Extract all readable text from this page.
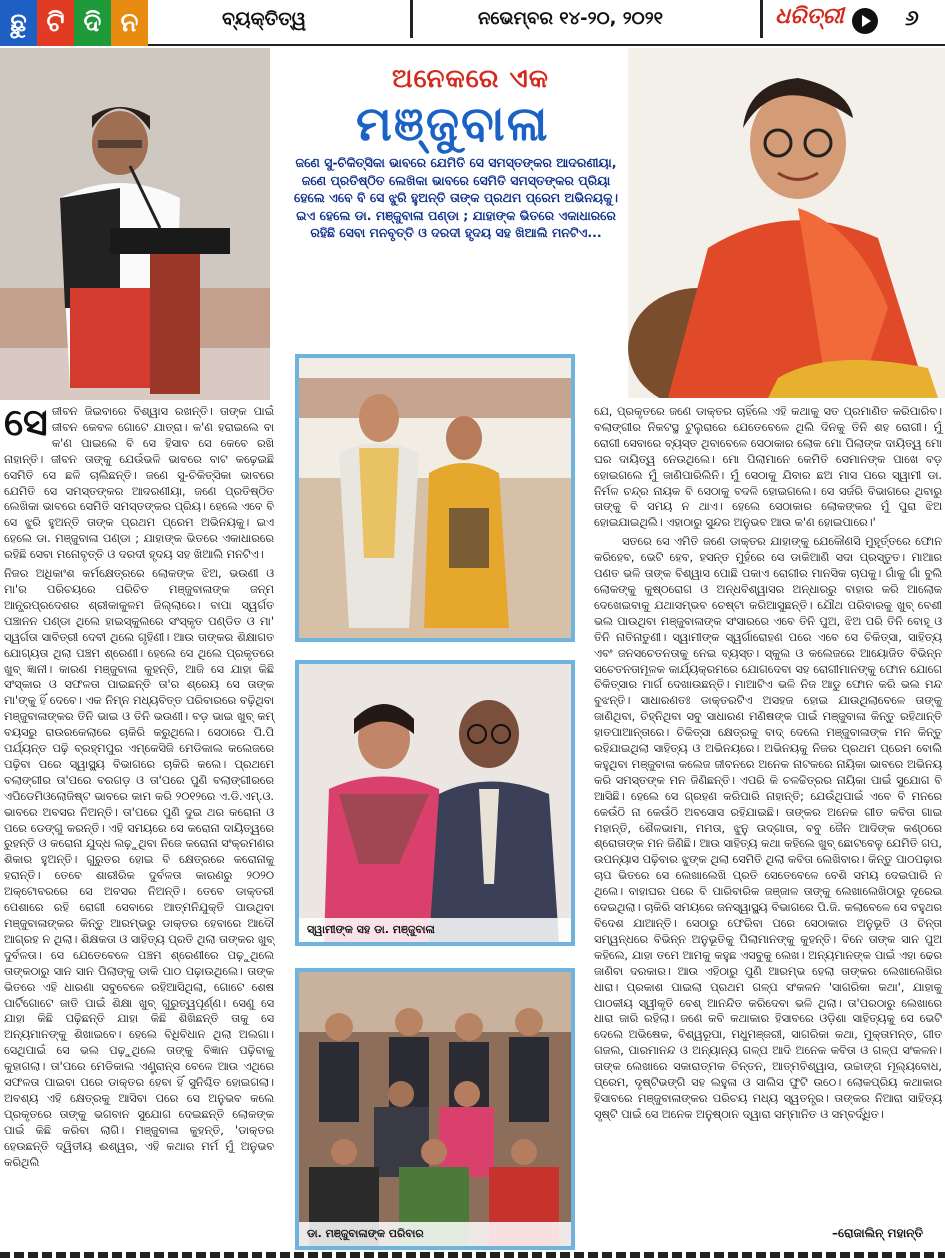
ଛୁ ଟି ଦି ନ	ବ୍ୟକ୍ତିତ୍ୱ	ନଭେମ୍ବର ୧୪-୨୦, ୨୦୨୧	ଧରିତ୍ରୀ	୬
ଅନେକରେ ଏକ
ମଞ୍ଜୁବାଳା
ଜଣେ ସୁ-ଚିକିତ୍ସିକା ଭାବରେ ଯେମିତି ସେ ସମସ୍ତଙ୍କର ଆଦରଣୀୟା, ଜଣେ ପ୍ରତିଷ୍ଠିତ ଲେଖିକା ଭାବରେ ସେମିତି ସମସ୍ତଙ୍କର ପ୍ରିୟା ହେଲେ ଏବେ ବି ସେ ଝୁରି ହୁଅନ୍ତି ତାଙ୍କ ପ୍ରଥମ ପ୍ରେମ ଅଭିନୟକୁ। ଇଏ ହେଲେ ଡା. ମଞ୍ଜୁବାଳା ପଣ୍ଡା ; ଯାହାଙ୍କ ଭିତରେ ଏକାଧାରରେ ରହିଛି ସେବା ମନବୃତ୍ତି ଓ ଦରଦୀ ହୃଦୟ ସହ ଖିଆଲି ମନଟିଏ...

ସେଜୀବନ ଜିଇବାରେ ବିଶ୍ୱାସ ରଖନ୍ତି। ତାଙ୍କ ପାଇଁ ଜୀବନ କେବଳ ଗୋଟେ ଯାତ୍ରା। କ'ଣ ହରାଇଲେ ବା କ'ଣ ପାଇଲେ ବି ସେ ହିସାବ ସେ କେବେ ରଖି ନାହାନ୍ତି। ଜୀବନ ତାଙ୍କୁ ଯେଉଁଭଳି ଭାବରେ ବାଟ କଢ଼େଇଛି ସେମିତି ସେ ଛଳି ଚାଲିଛନ୍ତି। ଜଣେ ସୁ-ଚିକିତ୍ସିକା ଭାବରେ ଯେମିତି ସେ ସମସ୍ତଙ୍କର ଆଦରଣୀୟା, ଜଣେ ପ୍ରତିଷ୍ଠିତ ଲେଖିକା ଭାବରେ ସେମିତି ସମସ୍ତଙ୍କର ପ୍ରିୟ। ହେଲେ ଏବେ ବି ସେ ଝୁରି ହୁଅନ୍ତି ତାଙ୍କ ପ୍ରଥମ ପ୍ରେମ ଅଭିନୟକୁ। ଇଏ ହେଲେ ଡା. ମଞ୍ଜୁବାଳା ପଣ୍ଡା ; ଯାହାଙ୍କ ଭିତରେ ଏକାଧାରରେ ରହିଛି ସେବା ମନୋବୃତ୍ତି ଓ ଦରଦୀ ହୃଦୟ ସହ ଖିଆଲି ମନଟିଏ।

ନିଜର ଅଧିକାଂଶ କର୍ମକ୍ଷେତ୍ରରେ ଲୋକଙ୍କ ଝିଅ, ଭଉଣୀ ଓ ମା'ର ପରିଚୟରେ ପରିଚିତ ମଞ୍ଜୁବାଳାଙ୍କ ଜନ୍ମ ଆନ୍ଧ୍ରପ୍ରଦେଶର ଶ୍ରୀକାକୁଳମ ଜିଲ୍ଲାରେ। ବାପା ସ୍ୱର୍ଗତ ପଞ୍ଚାନନ ପଣ୍ଡା ଥିଲେ ହାଇସ୍କୁଲରେ ସଂସ୍କୃତ ପଣ୍ଡିତ ଓ ମା' ସ୍ୱର୍ଗତା ସାବିତ୍ରୀ ଦେବୀ ଥିଲେ ଗୃହିଣୀ। ଆଉ ତାଙ୍କର ଶିକ୍ଷାଗତ ଯୋଗ୍ୟତା ଥିଲା ପଞ୍ଚମ ଶ୍ରେଣୀ। ହେଲେ ସେ ଥିଲେ ପ୍ରକୃତରେ ଖୁବ୍ ଜ୍ଞାନୀ। କାରଣ ମଞ୍ଜୁବାଳା କୁହନ୍ତି, ଆଜି ସେ ଯାହା କିଛି ସଂସ୍କାର ଓ ସଫଳତା ପାଇଛନ୍ତି ତା'ର ଶ୍ରେୟ ସେ ତାଙ୍କ ମା'ଙ୍କୁ ହିଁ ଦେବେ। ଏକ ନିମ୍ନ ମଧ୍ୟବିତ୍ତ ପରିବାରରେ ବଢ଼ିଥିବା ମଞ୍ଜୁବାଳାଙ୍କର ତିନି ଭାଇ ଓ ତିନି ଭଉଣୀ। ବଡ଼ ଭାଇ ଖୁବ୍ କମ୍ ବୟସରୁ ରାଉରକେଲାରେ ଚାକିରି କରୁଥିଲେ। ସେଠାରେ ପି.ପି ପର୍ଯ୍ୟନ୍ତ ପଢ଼ି ବ୍ରହ୍ମପୁର ଏମ୍‌କେସିଜି ମେଡିକାଲ କଲେଜରେ ପଢ଼ିବା ପରେ ସ୍ୱାସ୍ଥ୍ୟ ବିଭାଗରେ ଚାକିରି କଲେ। ପ୍ରଥମେ ବଲାଙ୍ଗୀର ତା'ପରେ ବରଗଡ଼ ଓ ତା'ପରେ ପୁଣି ବଲାଙ୍ଗୀରରେ ଏପିଡେମିଓଲୋଜିଷ୍ଟ ଭାବରେ କାମ କରି ୨୦୧୨ରେ ଏ.ଡି.ଏମ୍.ଓ. ଭାବରେ ଅବସର ନିଅନ୍ତି। ତା'ପରେ ପୁଣି ଦୁଇ ଥର କରୋନା ଓ ପରେ ଡେଙ୍ଗୁ କରନ୍ତି। ଏହି ସମୟରେ ସେ କରୋନା ଦାୟିତ୍ୱରେ ରୁହନ୍ତି ଓ କରୋନା ଯୁଦ୍ଧ ଲଢ଼ୁଥିବା ନିଜେ କରୋନା ସଂକ୍ରମଣର ଶିକାର ହୁଅନ୍ତି। ଗୁରୁତର ହୋଇ ବି କ୍ଷେତ୍ରରେ କରୋନାକୁ ହରାନ୍ତି। ତେବେ ଶାରୀରିକ ଦୁର୍ବଳତା କାରଣରୁ ୨୦୨୦ ଅକ୍ଟୋବରରେ ସେ ଅବସର ନିଅନ୍ତି। ତେବେ ଡାକ୍ତରୀ ପେଶାରେ ରହି ରୋଗୀ ସେବାରେ ଆତ୍ମନିଯୁକ୍ତି ପାଉଥିବା ମଞ୍ଜୁବାଳାଙ୍କର କିନ୍ତୁ ଆରମ୍ଭରୁ ଡାକ୍ତର ହେବାରେ ଆଦୌ ଆଗ୍ରହ ନ ଥିଲା। ଶିକ୍ଷକତା ଓ ସାହିତ୍ୟ ପ୍ରତି ଥିଲା ତାଙ୍କର ଖୁବ୍ ଦୁର୍ବଳତା। ସେ ଯେତେବେଳେ ପଞ୍ଚମ ଶ୍ରେଣୀରେ ପଢ଼ୁଥିଲେ ତାଙ୍କଠାରୁ ସାନ ସାନ ପିଲାଙ୍କୁ ଡାକି ପାଠ ପଢ଼ାଉଥିଲେ। ତାଙ୍କ ଭିତରେ ଏହି ଧାରଣା ସବୁବେଳେ ରହିଆସିଥିଲା, ଗୋଟେ ଶେଷ ପାର୍ଟିଗୋଟେ ଜାତି ପାଇଁ ଶିକ୍ଷା ଖୁବ୍ ଗୁରୁତ୍ୱପୂର୍ଣ୍ଣ। ସେଣୁ ସେ ଯାହା କିଛି ପଢ଼ିଛନ୍ତି ଯାହା କିଛି ଶିଖିଛନ୍ତି ତାକୁ ସେ ଅନ୍ୟମାନଙ୍କୁ ଶିଖାଇବେ। ହେଲେ ବିଧିବିଧାନ ଥିଲା ଅଲଗା। ସେଥିପାଇଁ ସେ ଭଲ ପଢ଼ୁଥିଲେ ତାଙ୍କୁ ବିଜ୍ଞାନ ପଢ଼ିବାକୁ କୁହାଗଲା। ତା'ପରେ ମେଡିକାଲ ଏଣ୍ଟ୍ରାନ୍ସ ବେଳେ ଆଉ ଏଥିରେ ସଫଳତା ପାଇବା ପରେ ଡାକ୍ତର ହେବା ହିଁ ସୁନିଶ୍ଚିତ ହୋଇଗଲା। ଅବଶ୍ୟ ଏହି କ୍ଷେତ୍ରକୁ ଆସିବା ପରେ ସେ ଅନୁଭବ କଲେ ପ୍ରକୃତରେ ତାଙ୍କୁ ଭଗବାନ ସୁଯୋଗ ଦେଇଛନ୍ତି ଲୋକଙ୍କ ପାଇଁ କିଛି କରିବା ଲାଗି। ମଞ୍ଜୁବାଳା କୁହନ୍ତି, 'ଡାକ୍ତର ହେଉଛନ୍ତି ଦ୍ୱିତୀୟ ଈଶ୍ୱର, ଏହି କଥାର ମର୍ମ ମୁଁ ଅନୁଭବ କରିଥିଲି

ସ୍ୱାମୀଙ୍କ ସହ ଡା. ମଞ୍ଜୁବାଳା
ଡା. ମଞ୍ଜୁବାଳାଙ୍କ ପରିବାର

ଯେ, ପ୍ରକୃତରେ ଜଣେ ଡାକ୍ତର ଚାହିଁଲେ ଏହି କଥାକୁ ସତ ପ୍ରମାଣିତ କରିପାରିବ। ବଲାଙ୍ଗୀର ନିକଟସ୍ଥ ଟୁଲୁରାରେ ଯେତେବେଳେ ଥିଲି ଦିନକୁ ତିନି ଶହ ରୋଗୀ। ମୁଁ ରୋଗୀ ସେବାରେ ବ୍ୟସ୍ତ ଥିବାବେଳେ ସେଠାକାର ଲୋକ ମୋ ପିଲାଙ୍କ ଦାୟିତ୍ୱ ମୋ ଘର ଦାୟିତ୍ୱ ନେଉଥିଲେ। ମୋ ପିଲାମାନେ କେମିତି ସେମାନଙ୍କ ପାଖେ ବଡ଼ ହୋଇଗଲେ ମୁଁ ଜାଣିପାରିଲିନି। ମୁଁ ସେଠାକୁ ଯିବାର ଛଅ ମାସ ପରେ ସ୍ୱାମୀ ଡା. ନିର୍ମଳ ଚନ୍ଦ୍ର ନାୟକ ବି ସେଠାକୁ ବଦଳି ହୋଇଗଲେ। ସେ ସର୍ଜରି ବିଭାଗରେ ଥିବାରୁ ତାଙ୍କୁ ବି ସମୟ ନ ଥାଏ। ହେଲେ ସେଠାକାର ଲୋକଙ୍କର ମୁଁ ପୁରା ଝିଅ ହୋଇଯାଇଥିଲି। ଏହାଠାରୁ ସୁନ୍ଦର ଅନୁଭବ ଆଉ କ'ଣ ହୋଇପାରେ।'

ସତରେ ସେ ଏମିତି ଜଣେ ଡାକ୍ତର ଯାହାଙ୍କୁ ଯେକୌଣସି ମୁହୂର୍ତ୍ତରେ ଫୋନ କରିହେବ, ଭେଟି ହେବ, ହସନ୍ତ ମୁହଁରେ ସେ ଡାକିଆଣି ସଦା ପ୍ରସ୍ତୁତ। ମାଆର ପଣତ ଭଳି ତାଙ୍କ ବିଶ୍ୱାସ ପୋଛି ପକାଏ ରୋଗୀର ମାନସିକ ଚାପକୁ। ଗାଁକୁ ଗାଁ ବୁଲି ଲୋକଙ୍କୁ କୁଷ୍ଠରୋଗ ଓ ଅନ୍ଧବିଶ୍ୱାସର ଅନ୍ଧାରରୁ ବାହାର କରି ଆଲୋକ ଦେଖେଇବାକୁ ଯଥାସମ୍ଭବ ଚେଷ୍ଟା କରିଆସୁଛନ୍ତି। ଯୌଥ ପରିବାରକୁ ଖୁବ୍ ବେଶୀ ଭଲ ପାଉଥିବା ମଞ୍ଜୁବାଳାଙ୍କ ସଂସାରରେ ଏବେ ତିନି ପୁଅ, ଝିଅ ପରି ତିନି ବୋହୂ ଓ ତିନି ନାତିନାତୁଣୀ। ସ୍ୱାମୀଙ୍କ ସ୍ୱର୍ଗାରୋହଣ ପରେ ଏବେ ସେ ଚିକିତ୍ସା, ସାହିତ୍ୟ ଏବଂ ଜନସଚେତନତାକୁ ନେଇ ବ୍ୟସ୍ତ। ସ୍କୁଲ ଓ କଲେଜରେ ଆୟୋଜିତ ବିଭିନ୍ନ ସଚେତନତାମୂଳକ କାର୍ଯ୍ୟକ୍ରମରେ ଯୋଗଦେବା ସହ ରୋଗୀମାନଙ୍କୁ ଫୋନ ଯୋଗେ ଚିକିତ୍ସାର ମାର୍ଗ ଦେଖାଉଛନ୍ତି। ମାଆଟିଏ ଭଳି ନିଜ ଆଡୁ ଫୋନ କରି ଭଲ ମନ୍ଦ ବୁଝନ୍ତି। ସାଧାରଣତଃ ଡାକ୍ତରଟିଏ ଅସହଜ ହୋଇ ଯାଉଥିଲାବେଳେ ତାଙ୍କୁ ଜାଣିଥିବା, ଚିହ୍ନିଥିବା ସବୁ ସାଧାରଣ ମଣିଷଙ୍କ ପାଇଁ ମଞ୍ଜୁବାଳା କିନ୍ତୁ ରହିଥାନ୍ତି ହାତପାଆନ୍ତାରେ। ଚିକିତ୍ସା କ୍ଷେତ୍ରକୁ ବାଦ୍ ଦେଲେ ମଞ୍ଜୁବାଳାଙ୍କ ମନ କିନ୍ତୁ ରହିଯାଇଥିଲା ସାହିତ୍ୟ ଓ ଅଭିନୟରେ। ଅଭିନୟକୁ ନିଜର ପ୍ରଥମ ପ୍ରେମ ବୋଲି କହୁଥିବା ମଞ୍ଜୁବାଳା କଲେଜ ଜୀବନରେ ଅନେକ ନାଟକରେ ନାୟିକା ଭାବରେ ଅଭିନୟ କରି ସମସ୍ତଙ୍କ ମନ ଜିଣିଛନ୍ତି। ଏପରି କି ଚଳଚ୍ଚିତ୍ରର ନାୟିକା ପାଇଁ ସୁଯୋଗ ବି ଆସିଛି। ହେଲେ ସେ ଗ୍ରହଣ କରିପାରି ନାହାନ୍ତି; ଯେଉଁଥିପାଇଁ ଏବେ ବି ମନରେ କେଉଁଠି ନା କେଉଁଠି ଅବସୋସ ରହିଯାଇଛି। ତାଙ୍କର ଅନେକ ଗୀତ କବିତା ଗାଇ ମହାନ୍ତି, ଶୈଳଭାମା, ମମତା, ଝୁନୁ ଉଦ୍ଗାତା, ବବୁ ଜୈନ ଆଦିଙ୍କ କଣ୍ଠରେ ଶ୍ରୋତାଙ୍କ ମନ ଜିଣିଛି। ଆଉ ସାହିତ୍ୟ କଥା କହିଲେ ଖୁବ୍ ଛୋଟବେଳୁ ଯେମିତି ଗପ, ଉପନ୍ୟାସ ପଢ଼ିବାର ଝୁଙ୍କ ଥିଲା ସେମିତି ଥିଲା କବିତା ଲେଖିବାର। କିନ୍ତୁ ପାଠପଢ଼ାର ଚାପ ଭିତରେ ସେ ଲେଖାଲେଖି ପ୍ରତି ସେତେବେଳେ ବେଶି ସମୟ ଦେଇପାରି ନ ଥିଲେ। ବାହାଘର ପରେ ବି ପାରିବାରିକ ଜଞ୍ଜାଳ ତାଙ୍କୁ ଲେଖାଲେଖିଠାରୁ ଦୂରେଇ ଦେଇଥିଲା। ଚାକିରି ସମୟରେ ଜନସ୍ୱାସ୍ଥ୍ୟ ବିଭାଗରେ ପି.ଜି. କଲାବେଳେ ସେ ବହୁଥର ବିଦେଶ ଯାଆନ୍ତି। ସେଠାରୁ ଫେରିବା ପରେ ସେଠାକାର ଅନୁଭୂତି ଓ ଚିନ୍ତା ସମ୍ୱନ୍ଧରେ ବିଭିନ୍ନ ଅନୁଭୂତିକୁ ପିଲାମାନଙ୍କୁ କୁହନ୍ତି। ବିନେ ତାଙ୍କ ସାନ ପୁଅ କହିଲେ, ଯାହା ତମେ ଆମକୁ କହୁଛ ଏସବୁକୁ ଲେଖ। ଅନ୍ୟମାନଙ୍କ ପାଇଁ ଏହା ଢେର ଜାଣିବା ଦରକାର। ଆଉ ଏହିଠାରୁ ପୁଣି ଆରମ୍ଭ ହେଲା ତାଙ୍କର ଲେଖାଲେଖିର ଧାରା। ପ୍ରକାଶ ପାଇଲା ପ୍ରଥମ ଗଳ୍ପ ସଂକଳନ 'ସାଗରିକା କଥା', ଯାହାକୁ ପାଠକୀୟ ସ୍ୱୀକୃତି ବେଶ୍ ଆନନ୍ଦିତ କରିଦେବା ଭଳି ଥିଲା। ତା'ପରଠାରୁ ଲେଖାରେ ଧାରା ଜାରି ରହିଲା। ଜଣେ କବି କଥାକାର ହିସାବରେ ଓଡ଼ିଶା ସାହିତ୍ୟକୁ ସେ ଭେଟି ଦେଲେ ଅଭିଷେକ, ବିଶ୍ୱରୂପା, ମଧୁମଞ୍ଜରୀ, ସାଗରିକା କଥା, ମୁକ୍ତାମନ୍ତ, ଗୀତ ଗଜଲ, ପାରମାନନ୍ଦ ଓ ଅନ୍ୟାନ୍ୟ ଗଳ୍ପ ଆଦି ଅନେକ କବିତା ଓ ଗଳ୍ପ ସଂକଳନ। ତାଙ୍କ ଲେଖାରେ ସକାରାତ୍ମକ ଚିନ୍ତନ, ଆତ୍ମବିଶ୍ୱାସ, ଉଚ୍ଚାଙ୍ଗ ମୂଲ୍ୟବୋଧ, ପ୍ରେମ, ଦୃଷ୍ଟିଭଙ୍ଗି ସହ ଲହୁଳା ଓ ସାଲିସ ଫୁଟି ଉଠେ। ଲୋକପ୍ରିୟ କଥାକାର ହିସାବରେ ମଞ୍ଜୁବାଳାଙ୍କର ପରିଚୟ ମଧ୍ୟ ସ୍ୱତନ୍ତ୍ର। ତାଙ୍କର ନିଆରା ସାହିତ୍ୟ ସୃଷ୍ଟି ପାଇଁ ସେ ଅନେକ ଅନୁଷ୍ଠାନ ଦ୍ୱାରା ସମ୍ମାନିତ ଓ ସମ୍ବର୍ଦ୍ଧିତ।

–ରୋଜାଲିନ୍ ମହାନ୍ତି
